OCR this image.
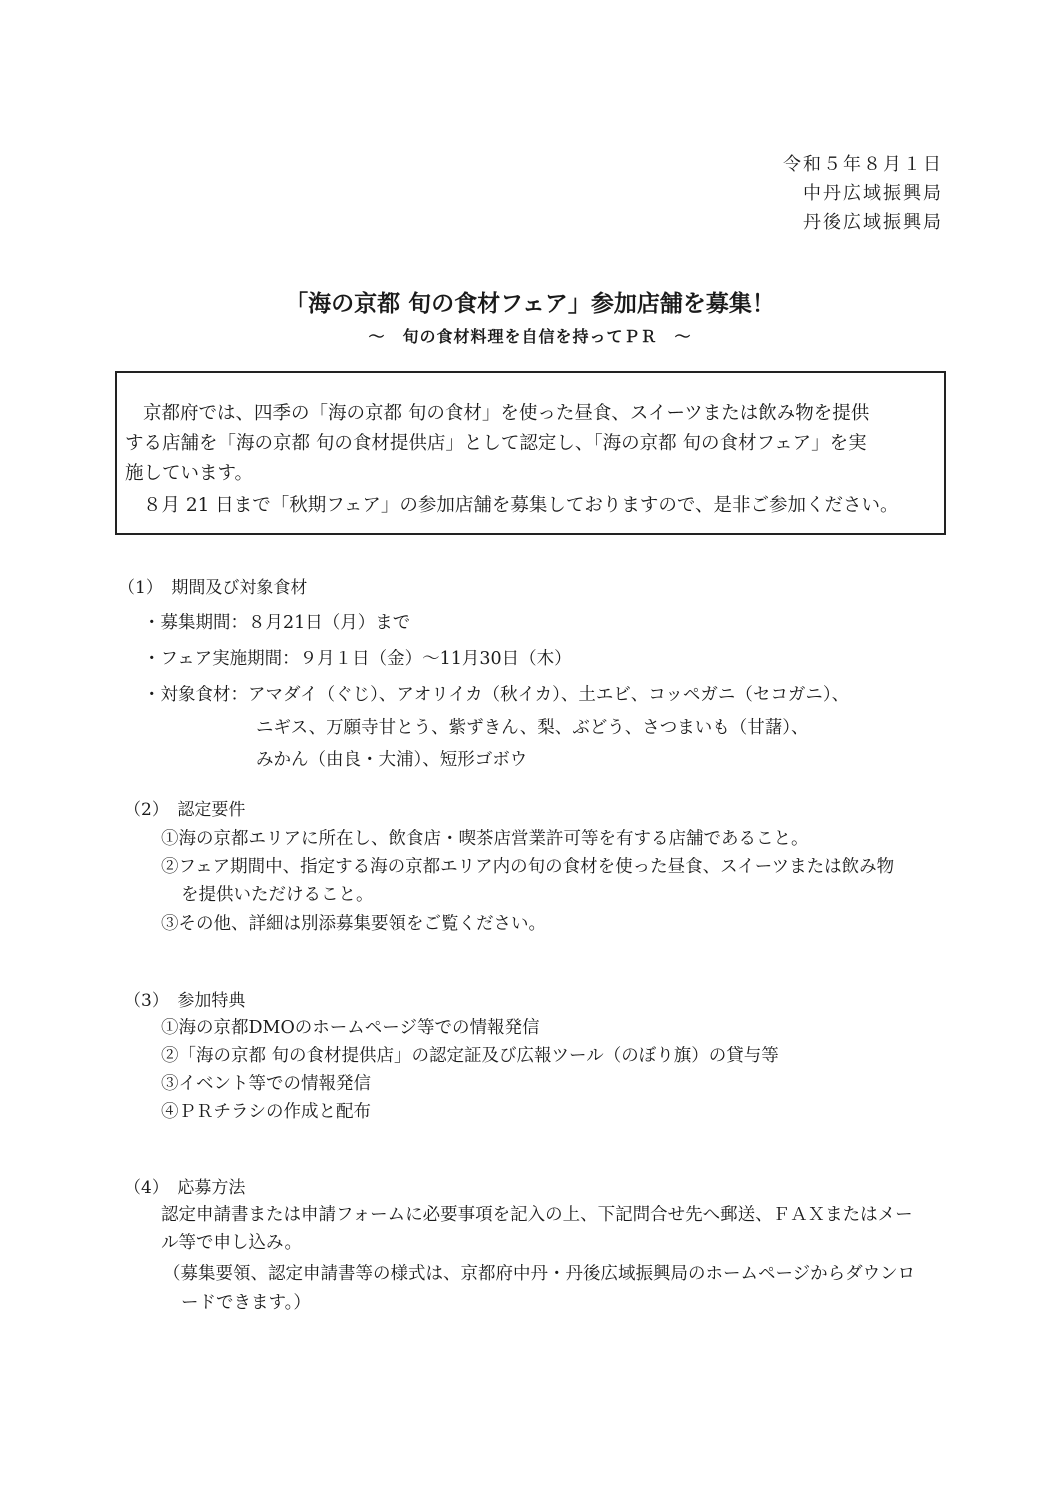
令和５年８月１日
中丹広域振興局
丹後広域振興局
「海の京都 旬の食材フェア」参加店舗を募集！
～　旬の食材料理を自信を持ってＰＲ　～
京都府では、四季の「海の京都 旬の食材」を使った昼食、スイーツまたは飲み物を提供
する店舗を「海の京都 旬の食材提供店」として認定し、「海の京都 旬の食材フェア」を実
施しています。
８月 21 日まで「秋期フェア」の参加店舗を募集しておりますので、是非ご参加ください。
（1）　期間及び対象食材
・募集期間：８月21日（月）まで
・フェア実施期間：９月１日（金）～11月30日（木）
・対象食材：アマダイ（ぐじ）、アオリイカ（秋イカ）、土エビ、コッペガニ（セコガニ）、
ニギス、万願寺甘とう、紫ずきん、梨、ぶどう、さつまいも（甘藷）、
みかん（由良・大浦）、短形ゴボウ
（2）　認定要件
①海の京都エリアに所在し、飲食店・喫茶店営業許可等を有する店舗であること。
②フェア期間中、指定する海の京都エリア内の旬の食材を使った昼食、スイーツまたは飲み物
を提供いただけること。
③その他、詳細は別添募集要領をご覧ください。
（3）　参加特典
①海の京都DMOのホームページ等での情報発信
②「海の京都 旬の食材提供店」の認定証及び広報ツール（のぼり旗）の貸与等
③イベント等での情報発信
④ＰＲチラシの作成と配布
（4）　応募方法
認定申請書または申請フォームに必要事項を記入の上、下記問合せ先へ郵送、ＦＡＸまたはメー
ル等で申し込み。
（募集要領、認定申請書等の様式は、京都府中丹・丹後広域振興局のホームページからダウンロ
ードできます。）
